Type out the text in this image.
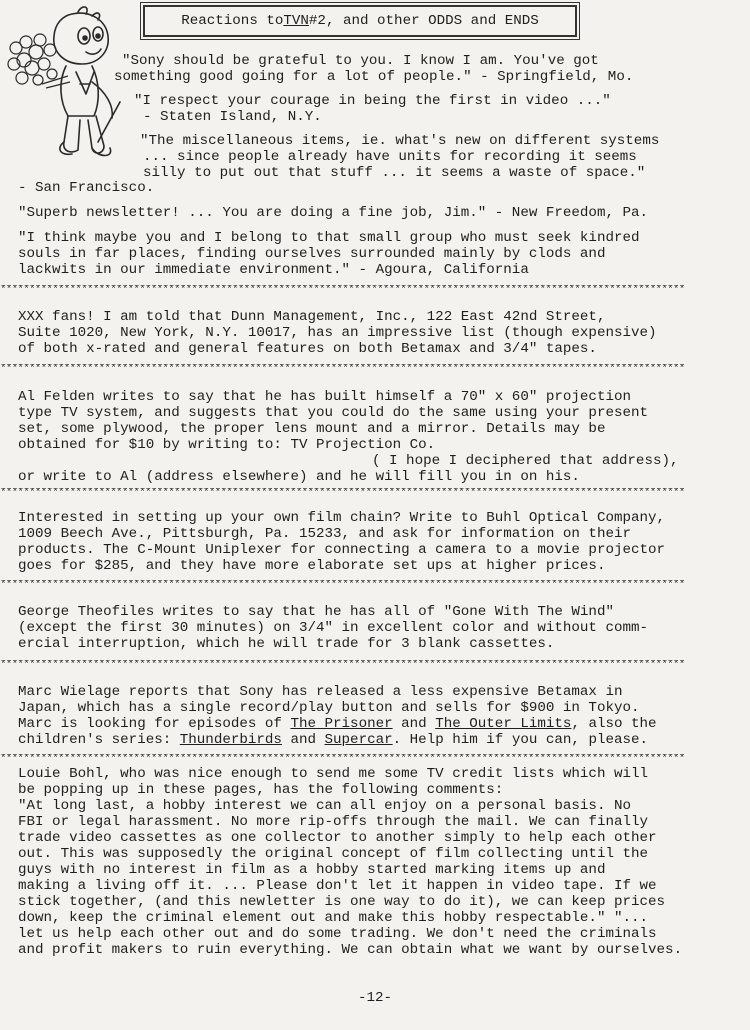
Reactions to TVN #2, and other ODDS and ENDS
"Sony should be grateful to you. I know I am. You've got
something good going for a lot of people." - Springfield, Mo.
"I respect your courage in being the first in video ..."
- Staten Island, N.Y.
"The miscellaneous items, ie. what's new on different systems
... since people already have units for recording it seems
silly to put out that stuff ... it seems a waste of space."
- San Francisco.
"Superb newsletter! ... You are doing a fine job, Jim." - New Freedom, Pa.
"I think maybe you and I belong to that small group who must seek kindred
souls in far places, finding ourselves surrounded mainly by clods and
lackwits in our immediate environment." - Agoura, California
**********************************************************************************************************************
XXX fans! I am told that Dunn Management, Inc., 122 East 42nd Street,
Suite 1020, New York, N.Y. 10017, has an impressive list (though expensive)
of both x-rated and general features on both Betamax and 3/4" tapes.
**********************************************************************************************************************
Al Felden writes to say that he has built himself a 70" x 60" projection
type TV system, and suggests that you could do the same using your present
set, some plywood, the proper lens mount and a mirror. Details may be
obtained for $10 by writing to: TV Projection Co.
( I hope I deciphered that address),
or write to Al (address elsewhere) and he will fill you in on his.
**********************************************************************************************************************
Interested in setting up your own film chain? Write to Buhl Optical Company,
1009 Beech Ave., Pittsburgh, Pa. 15233, and ask for information on their
products. The C-Mount Uniplexer for connecting a camera to a movie projector
goes for $285, and they have more elaborate set ups at higher prices.
**********************************************************************************************************************
George Theofiles writes to say that he has all of "Gone With The Wind"
(except the first 30 minutes) on 3/4" in excellent color and without comm-
ercial interruption, which he will trade for 3 blank cassettes.
**********************************************************************************************************************
Marc Wielage reports that Sony has released a less expensive Betamax in
Japan, which has a single record/play button and sells for $900 in Tokyo.
Marc is looking for episodes of The Prisoner and The Outer Limits, also the
children's series: Thunderbirds and Supercar. Help him if you can, please.
**********************************************************************************************************************
Louie Bohl, who was nice enough to send me some TV credit lists which will
be popping up in these pages, has the following comments:
"At long last, a hobby interest we can all enjoy on a personal basis. No
FBI or legal harassment. No more rip-offs through the mail. We can finally
trade video cassettes as one collector to another simply to help each other
out. This was supposedly the original concept of film collecting until the
guys with no interest in film as a hobby started marking items up and
making a living off it. ... Please don't let it happen in video tape. If we
stick together, (and this newletter is one way to do it), we can keep prices
down, keep the criminal element out and make this hobby respectable." "...
let us help each other out and do some trading. We don't need the criminals
and profit makers to ruin everything. We can obtain what we want by ourselves.
-12-
